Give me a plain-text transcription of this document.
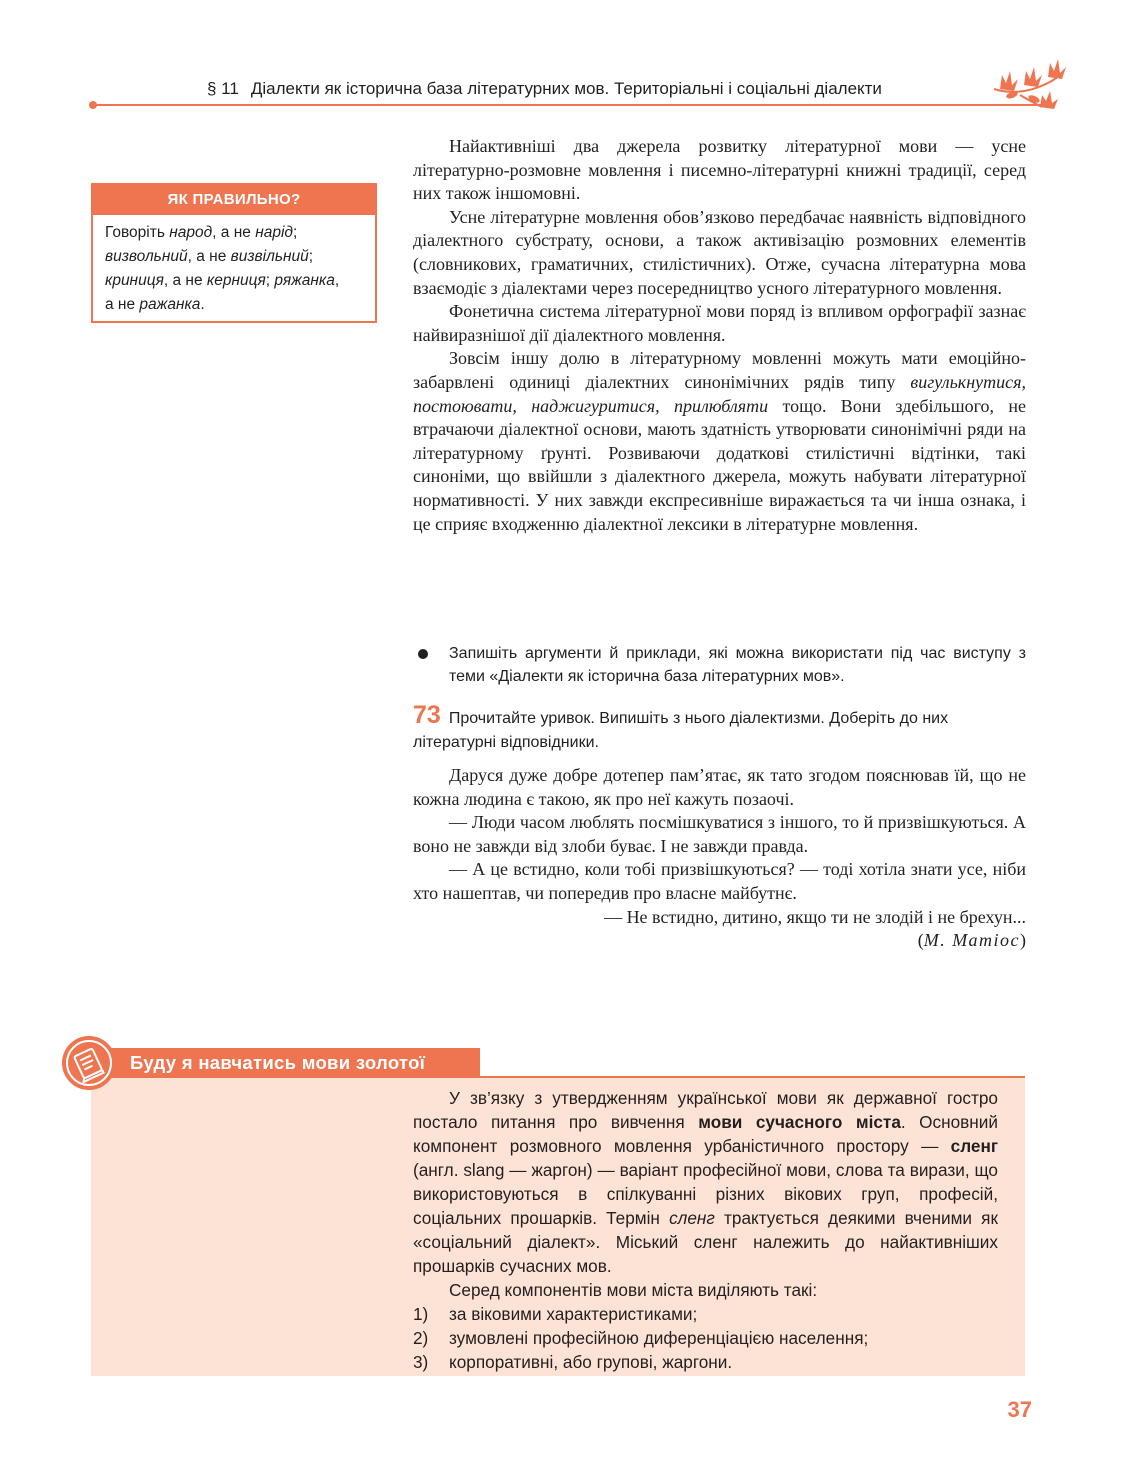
§ 11 Діалекти як історична база літературних мов. Територіальні і соціальні діалекти
ЯК ПРАВИЛЬНО?
Говоріть народ, а не нарід;
визвольний, а не визвільний;
криниця, а не керниця; ряжанка,
а не ражанка.

Найактивніші два джерела розвитку літературної мови — усне літературно-розмовне мовлення і писемно-літературні книжні традиції, серед них також іншомовні.

Усне літературне мовлення обов’язково передбачає наявність відповідного діалектного субстрату, основи, а також активізацію розмовних елементів (словникових, граматичних, стилістичних). Отже, сучасна літературна мова взаємодіє з діалектами через посередництво усного літературного мовлення.

Фонетична система літературної мови поряд із впливом орфографії зазнає найвиразнішої дії діалектного мовлення.

Зовсім іншу долю в літературному мовленні можуть мати емоційно-забарвлені одиниці діалектних синонімічних рядів типу вигулькнутися, постоювати, наджигуритися, прилюбляти тощо. Вони здебільшого, не втрачаючи діалектної основи, мають здатність утворювати синонімічні ряди на літературному ґрунті. Розвиваючи додаткові стилістичні відтінки, такі синоніми, що ввійшли з діалектного джерела, можуть набувати літературної нормативності. У них завжди експресивніше виражається та чи інша ознака, і це сприяє входженню діалектної лексики в літературне мовлення.

Запишіть аргументи й приклади, які можна використати під час виступу з теми «Діалекти як історична база літературних мов».
73 Прочитайте уривок. Випишіть з нього діалектизми. Доберіть до них літературні відповідники.

Даруся дуже добре дотепер пам’ятає, як тато згодом пояснював їй, що не кожна людина є такою, як про неї кажуть позаочі.

— Люди часом люблять посмішкуватися з іншого, то й призвішкуються. А воно не завжди від злоби буває. І не завжди правда.

— А це встидно, коли тобі призвішкуються? — тоді хотіла знати усе, ніби хто нашептав, чи попередив про власне майбутнє.

— Не встидно, дитино, якщо ти не злодій і не брехун...

(М. Матіос)

Буду я навчатись мови золотої

У зв’язку з утвердженням української мови як державної гостро постало питання про вивчення мови сучасного міста. Основний компонент розмовного мовлення урбаністичного простору — сленг (англ. slang — жаргон) — варіант професійної мови, слова та вирази, що використовуються в спілкуванні різних вікових груп, професій, соціальних прошарків. Термін сленг трактується деякими вченими як «соціальний діалект». Міський сленг належить до найактивніших прошарків сучасних мов.

Серед компонентів мови міста виділяють такі:

1)	за віковими характеристиками;
2)	зумовлені професійною диференціацією населення;
3)	корпоративні, або групові, жаргони.
37
